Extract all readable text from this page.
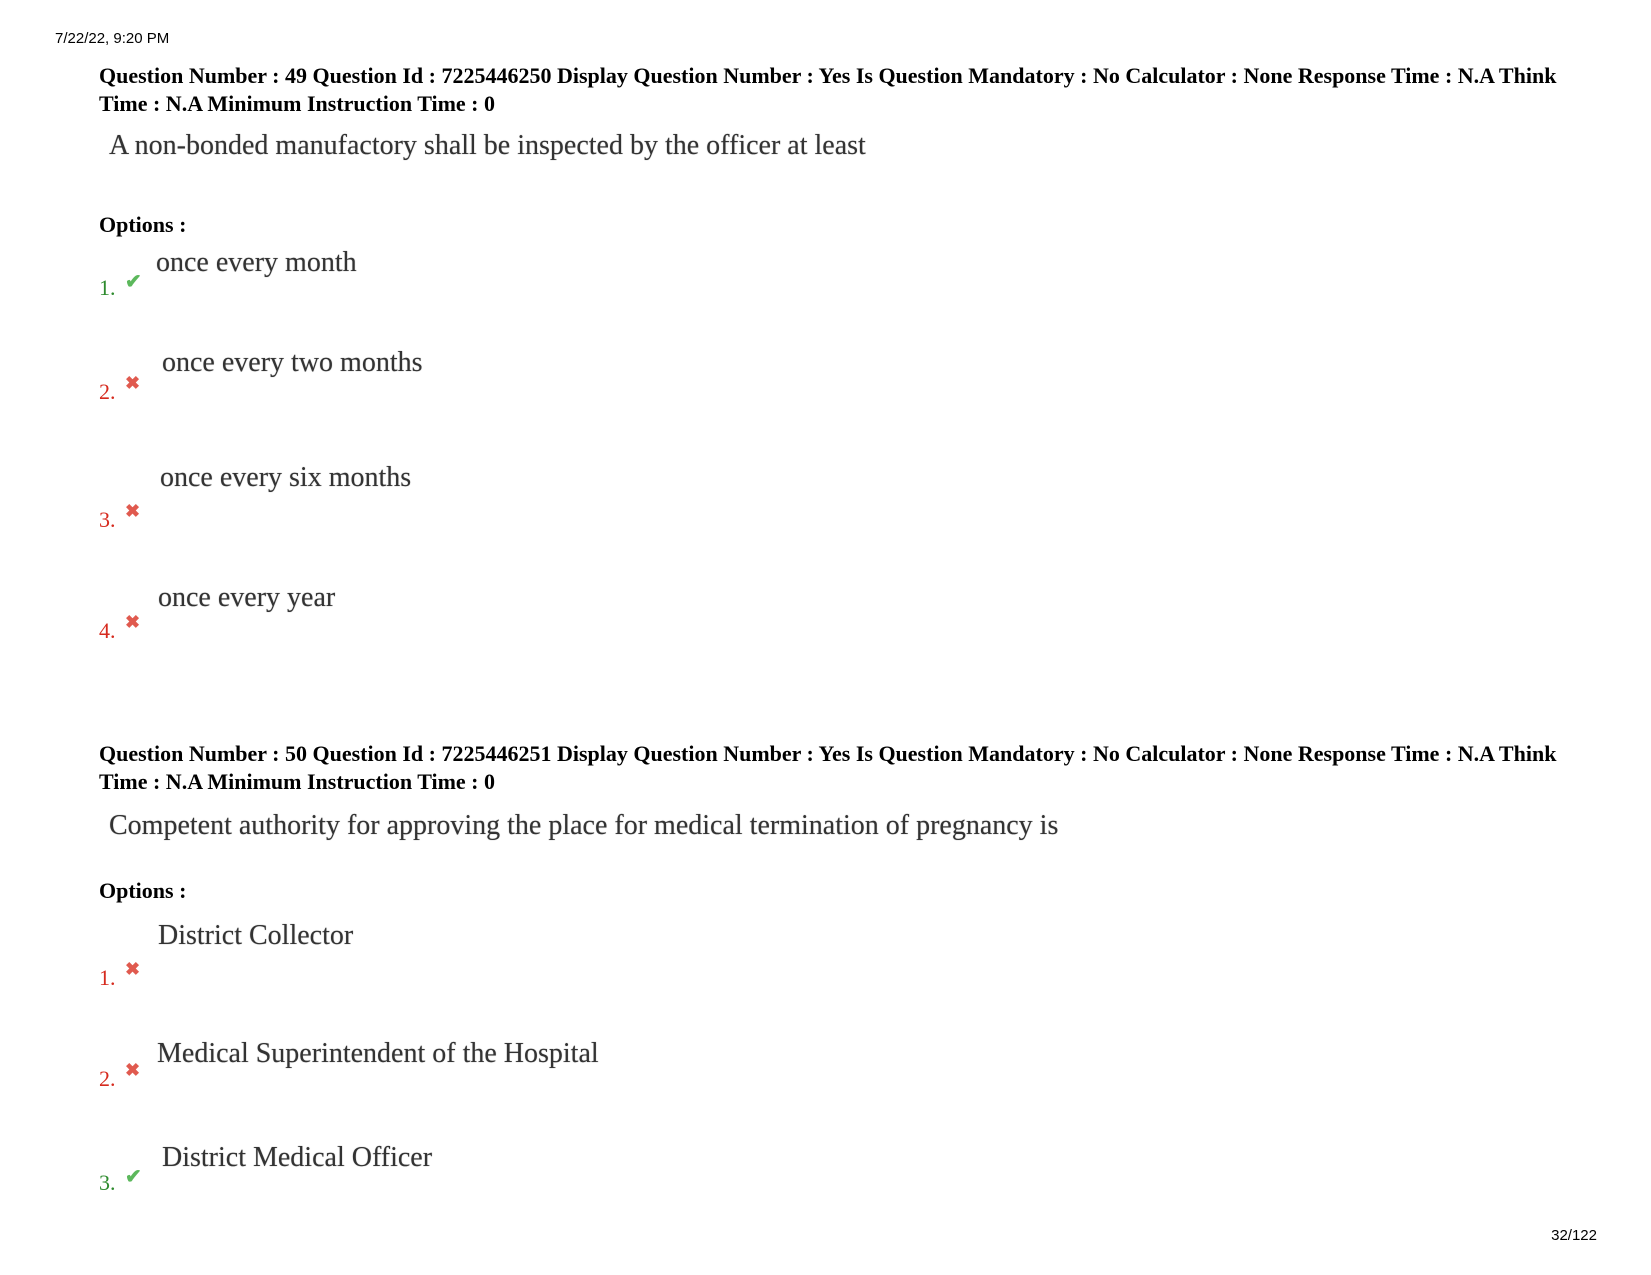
7/22/22, 9:20 PM

Question Number : 49 Question Id : 7225446250 Display Question Number : Yes Is Question Mandatory : No Calculator : None Response Time : N.A Think Time : N.A Minimum Instruction Time : 0

A non-bonded manufactory shall be inspected by the officer at least
Options :
once every month
1. ✔
once every two months
2. ✖
once every six months
3. ✖
once every year
4. ✖

Question Number : 50 Question Id : 7225446251 Display Question Number : Yes Is Question Mandatory : No Calculator : None Response Time : N.A Think Time : N.A Minimum Instruction Time : 0

Competent authority for approving the place for medical termination of pregnancy is
Options :
District Collector
1. ✖
Medical Superintendent of the Hospital
2. ✖
District Medical Officer
3. ✔
32/122
